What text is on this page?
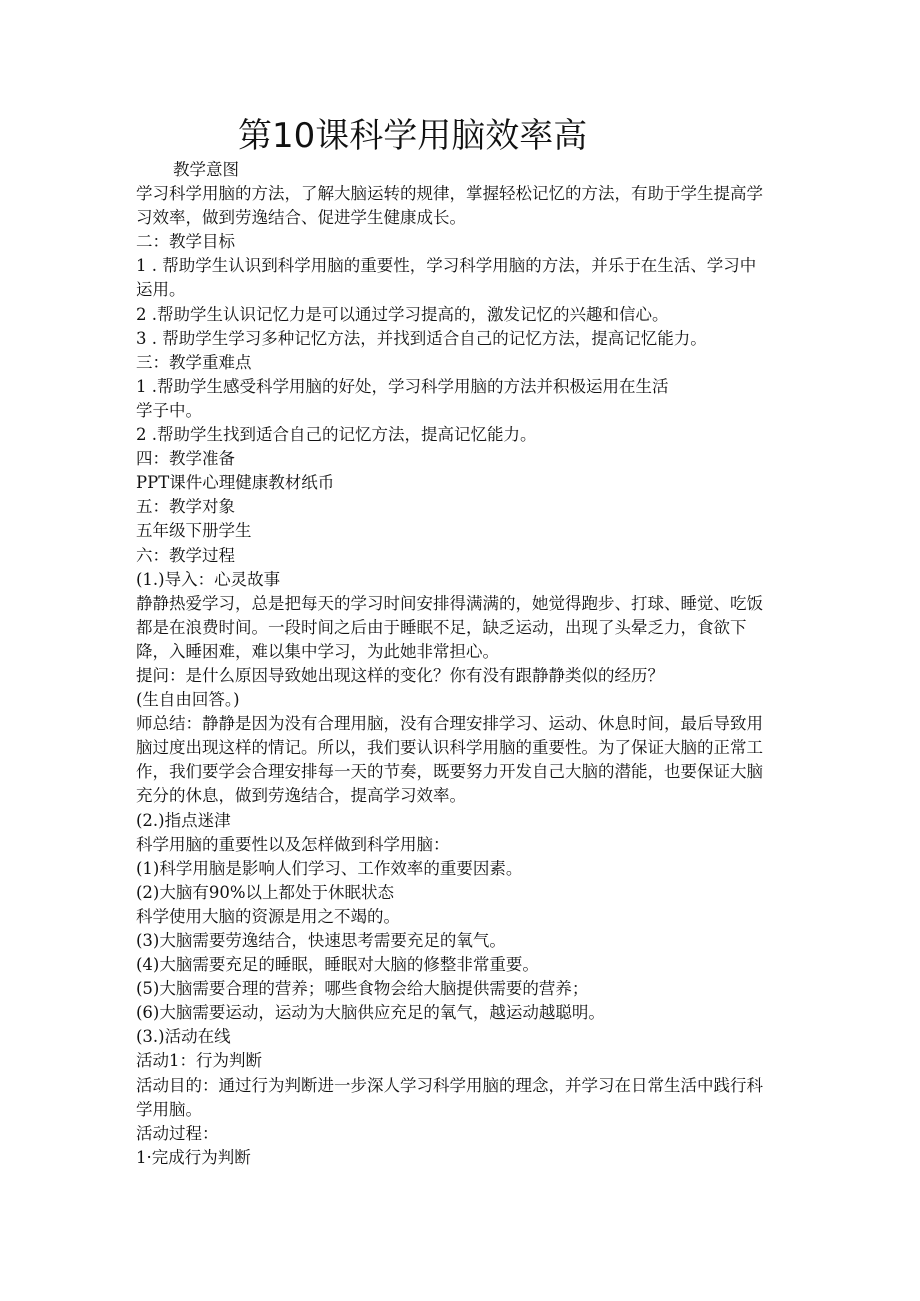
第10课科学用脑效率高
教学意图
学习科学用脑的方法，了解大脑运转的规律，掌握轻松记忆的方法，有助于学生提高学
习效率，做到劳逸结合、促进学生健康成长。
二：教学目标
1 . 帮助学生认识到科学用脑的重要性，学习科学用脑的方法，并乐于在生活、学习中
运用。
2 .帮助学生认识记忆力是可以通过学习提高的，激发记忆的兴趣和信心。
3 . 帮助学生学习多种记忆方法，并找到适合自己的记忆方法，提高记忆能力。
三：教学重难点
1 .帮助学生感受科学用脑的好处，学习科学用脑的方法并积极运用在生活
学子中。
2 .帮助学生找到适合自己的记忆方法，提高记忆能力。
四：教学准备
PPT课件心理健康教材纸币
五：教学对象
五年级下册学生
六：教学过程
(1.)导入：心灵故事
静静热爱学习，总是把每天的学习时间安排得满满的，她觉得跑步、打球、睡觉、吃饭
都是在浪费时间。一段时间之后由于睡眠不足，缺乏运动，出现了头晕乏力，食欲下
降，入睡困难，难以集中学习，为此她非常担心。
提问：是什么原因导致她出现这样的变化？你有没有跟静静类似的经历？
(生自由回答。)
师总结：静静是因为没有合理用脑，没有合理安排学习、运动、休息时间，最后导致用
脑过度出现这样的情记。所以，我们要认识科学用脑的重要性。为了保证大脑的正常工
作，我们要学会合理安排每一天的节奏，既要努力开发自己大脑的潜能，也要保证大脑
充分的休息，做到劳逸结合，提高学习效率。
(2.)指点迷津
科学用脑的重要性以及怎样做到科学用脑：
(1)科学用脑是影响人们学习、工作效率的重要因素。
(2)大脑有90%以上都处于休眠状态
科学使用大脑的资源是用之不竭的。
(3)大脑需要劳逸结合，快速思考需要充足的氧气。
(4)大脑需要充足的睡眠，睡眠对大脑的修整非常重要。
(5)大脑需要合理的营养；哪些食物会给大脑提供需要的营养；
(6)大脑需要运动，运动为大脑供应充足的氧气，越运动越聪明。
(3.)活动在线
活动1：行为判断
活动目的：通过行为判断进一步深人学习科学用脑的理念，并学习在日常生活中践行科
学用脑。
活动过程：
1·完成行为判断
